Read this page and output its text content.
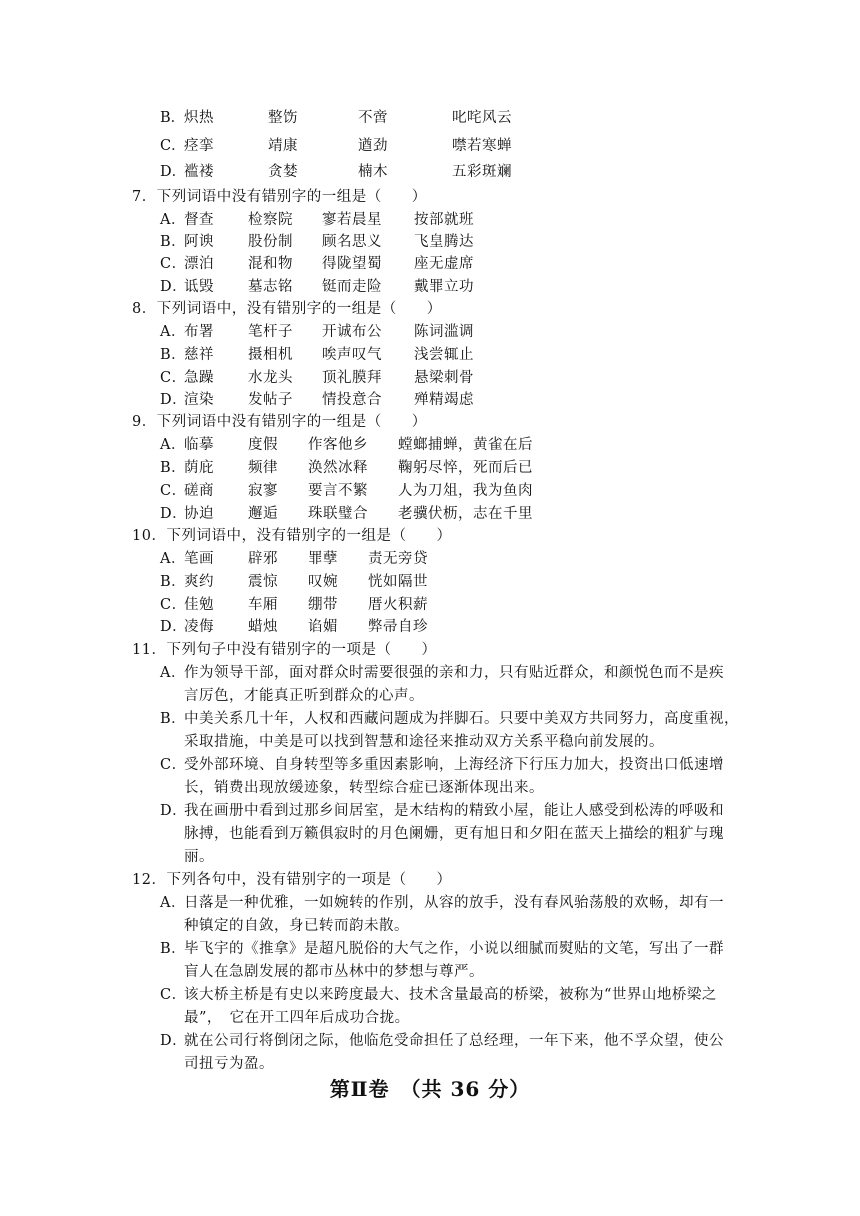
B．
炽热	整饬	不啻	叱咤风云
C．
痉挛	靖康	遒劲	噤若寒蝉
D．
褴褛	贪婪	楠木	五彩斑斓
7．下列词语中没有错别字的一组是（　　）
A．
督查 检察院 寥若晨星 按部就班
B．
阿谀 股份制 顾名思义 飞皇腾达
C．
漂泊 混和物 得陇望蜀 座无虚席
D．
诋毁 墓志铭 铤而走险 戴罪立功
8．下列词语中，没有错别字的一组是（　　）
A．
布署 笔杆子 开诚布公 陈词滥调
B．
慈祥 摄相机 唉声叹气 浅尝辄止
C．
急躁 水龙头 顶礼膜拜 悬梁刺骨
D．
渲染 发帖子 情投意合 殚精竭虑
9．下列词语中没有错别字的一组是（　　）
A．
临摹 度假 作客他乡 螳螂捕蝉，黄雀在后
B．
荫庇 频律 涣然冰释 鞠躬尽悴，死而后已
C．
磋商 寂寥 要言不繁 人为刀俎，我为鱼肉
D．
协迫 邂逅 珠联璧合 老骥伏枥，志在千里
10．下列词语中，没有错别字的一组是（　　）
A．
笔画 辟邪 罪孽 责无旁贷
B．
爽约 震惊 叹婉 恍如隔世
C．
佳勉 车厢 绷带 厝火积薪
D．
凌侮 蜡烛 谄媚 弊帚自珍
11．下列句子中没有错别字的一项是（　　）
A．
作为领导干部，面对群众时需要很强的亲和力，只有贴近群众，和颜悦色而不是疾
言厉色，才能真正听到群众的心声。
B．
中美关系几十年，人权和西藏问题成为拌脚石。只要中美双方共同努力，高度重视，
采取措施，中美是可以找到智慧和途径来推动双方关系平稳向前发展的。
C．
受外部环境、自身转型等多重因素影响，上海经济下行压力加大，投资出口低速增
长，销费出现放缓迹象，转型综合症已逐渐体现出来。
D．
我在画册中看到过那乡间居室，是木结构的精致小屋，能让人感受到松涛的呼吸和
脉搏，也能看到万籁俱寂时的月色阑姗，更有旭日和夕阳在蓝天上描绘的粗犷与瑰
丽。
12．下列各句中，没有错别字的一项是（　　）
A．
日落是一种优雅，一如婉转的作别，从容的放手，没有春风骀荡般的欢畅，却有一
种镇定的自敛，身已转而韵未散。
B．
毕飞宇的《推拿》是超凡脱俗的大气之作，小说以细腻而熨贴的文笔，写出了一群
盲人在急剧发展的都市丛林中的梦想与尊严。
C．
该大桥主桥是有史以来跨度最大、技术含量最高的桥梁，被称为“世界山地桥梁之
最”，　它在开工四年后成功合拢。
D．
就在公司行将倒闭之际，他临危受命担任了总经理，一年下来，他不孚众望，使公
司扭亏为盈。
第Ⅱ卷　（共 36 分）
